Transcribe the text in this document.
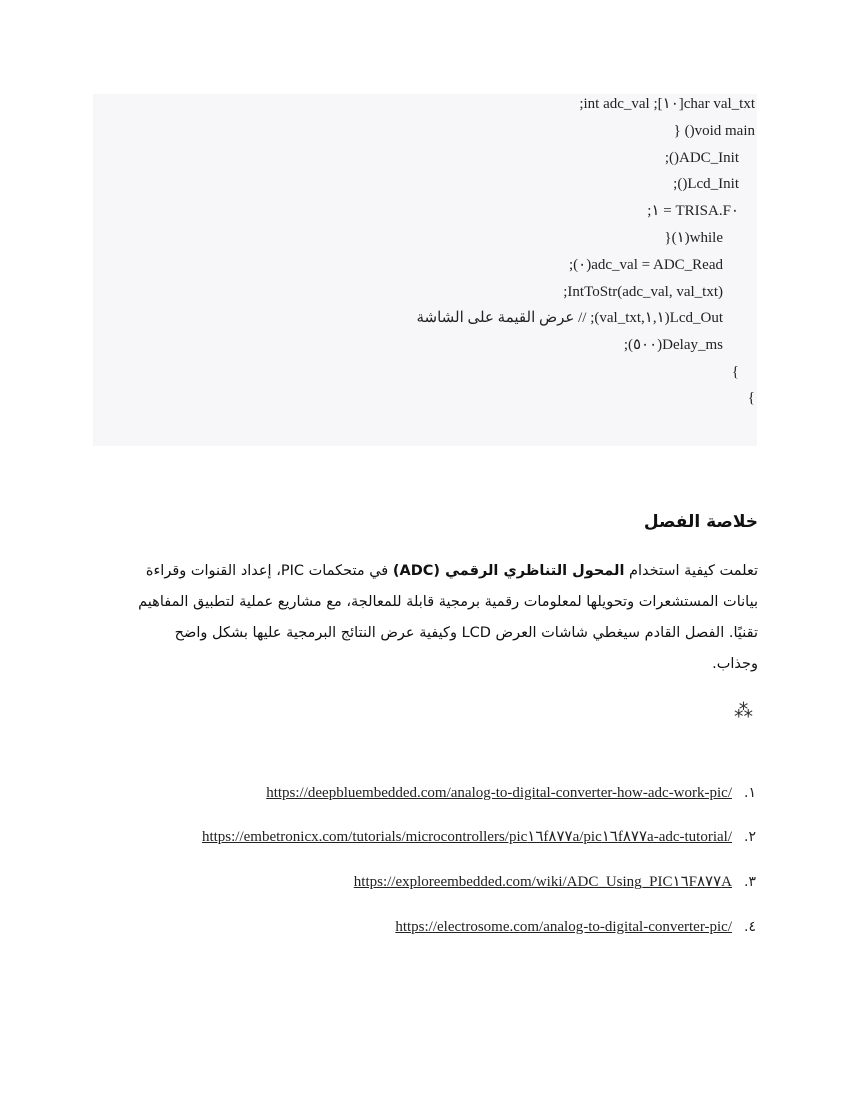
char val_txt[١٠]; int adc_val;
void main() {
ADC_Init();
Lcd_Init();
TRISA.F٠ = ١;
while(١){
adc_val = ADC_Read(٠);
IntToStr(adc_val, val_txt);
Lcd_Out(١,١,val_txt); // عرض القيمة على الشاشة
Delay_ms(٥٠٠);
}
}
خلاصة الفصل

تعلمت كيفية استخدام المحول التناظري الرقمي (ADC) في متحكمات PIC، إعداد القنوات وقراءة بيانات المستشعرات وتحويلها لمعلومات رقمية برمجية قابلة للمعالجة، مع مشاريع عملية لتطبيق المفاهيم تقنيًا. الفصل القادم سيغطي شاشات العرض LCD وكيفية عرض النتائج البرمجية عليها بشكل واضح وجذاب.

⁂
١.https://deepbluembedded.com/analog-to-digital-converter-how-adc-work-pic/
٢.https://embetronicx.com/tutorials/microcontrollers/pic١٦f٨٧٧a/pic١٦f٨٧٧a-adc-tutorial/
٣.https://exploreembedded.com/wiki/ADC_Using_PIC١٦F٨٧٧A
٤.https://electrosome.com/analog-to-digital-converter-pic/
